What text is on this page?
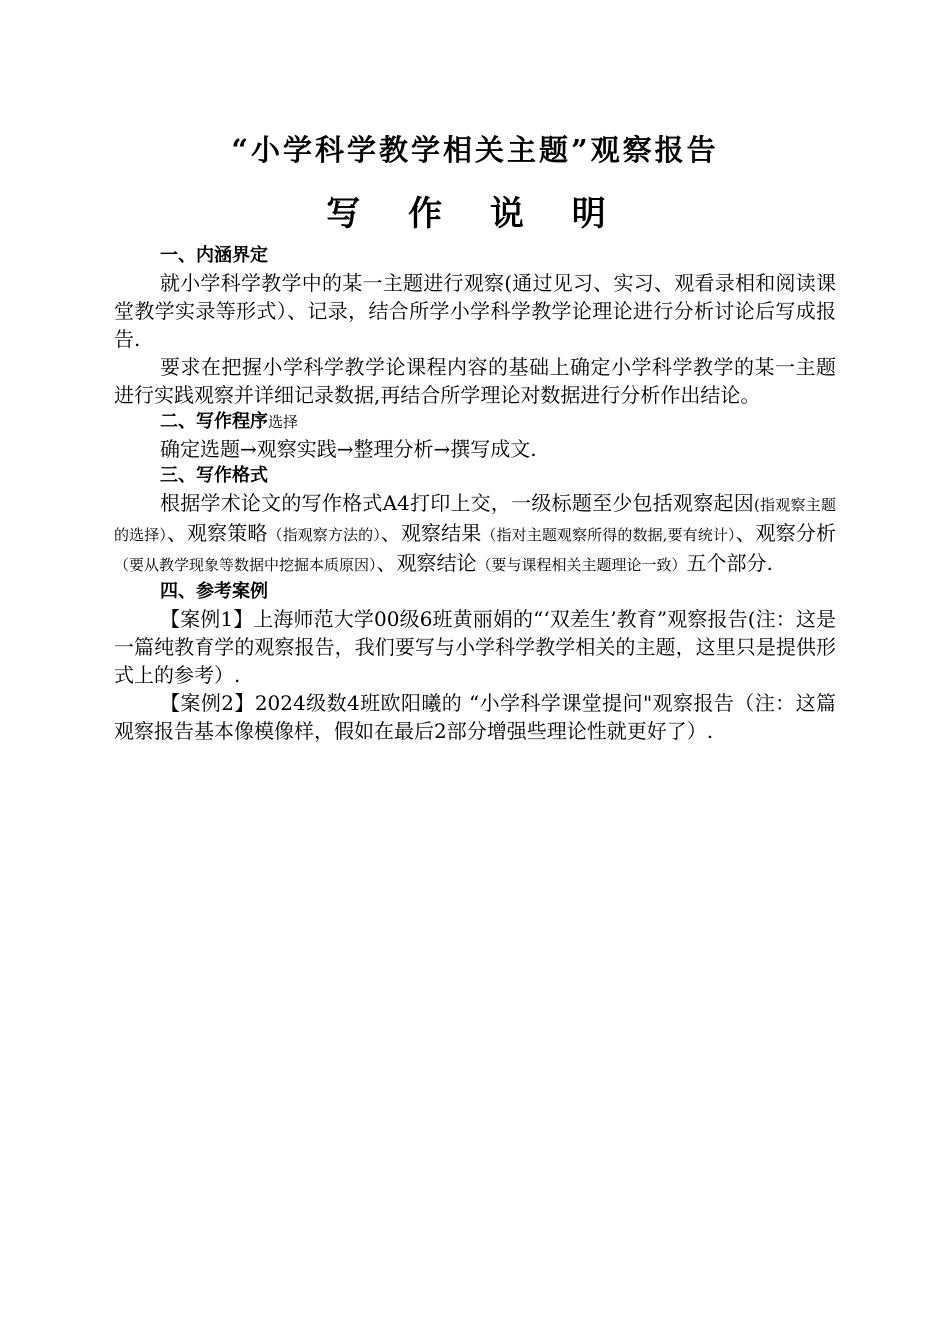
“小学科学教学相关主题”观察报告
写 作 说 明

一、内涵界定

就小学科学教学中的某一主题进行观察(通过见习、实习、观看录相和阅读课堂教学实录等形式）、记录，结合所学小学科学教学论理论进行分析讨论后写成报告.

要求在把握小学科学教学论课程内容的基础上确定小学科学教学的某一主题进行实践观察并详细记录数据,再结合所学理论对数据进行分析作出结论。

二、写作程序选择

确定选题→观察实践→整理分析→撰写成文.

三、写作格式

根据学术论文的写作格式A4打印上交，一级标题至少包括观察起因(指观察主题的选择）、观察策略（指观察方法的）、观察结果（指对主题观察所得的数据,要有统计）、观察分析（要从教学现象等数据中挖掘本质原因）、观察结论（要与课程相关主题理论一致）五个部分.

四、参考案例

【案例1】上海师范大学00级6班黄丽娟的“‘双差生’教育”观察报告(注：这是一篇纯教育学的观察报告，我们要写与小学科学教学相关的主题，这里只是提供形式上的参考）.

【案例2】2024级数4班欧阳曦的 “小学科学课堂提问"观察报告（注：这篇观察报告基本像模像样，假如在最后2部分增强些理论性就更好了）.
